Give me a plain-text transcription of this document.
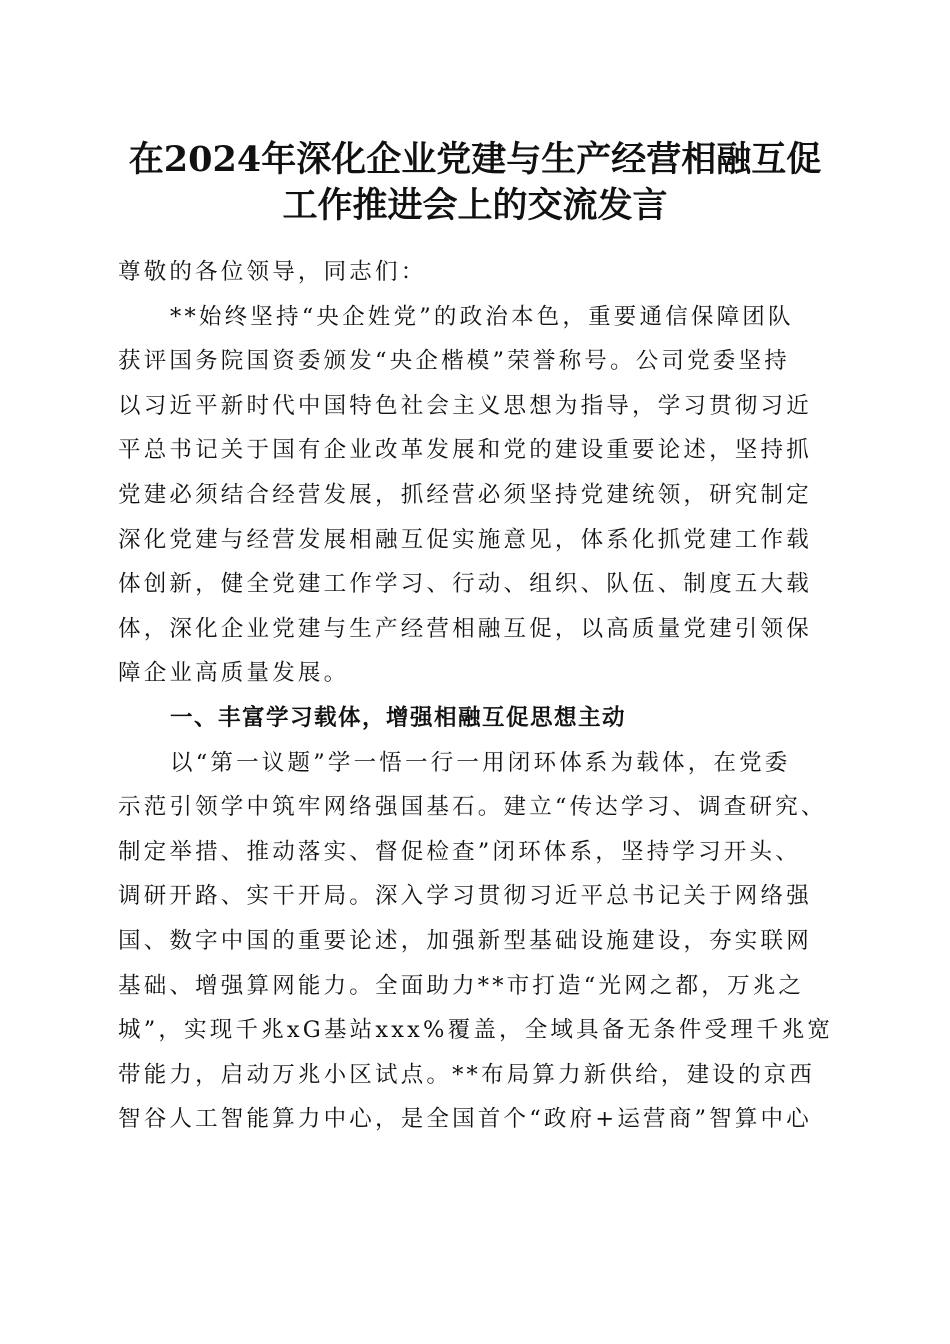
在2024年深化企业党建与生产经营相融互促
工作推进会上的交流发言
尊敬的各位领导，同志们：
**始终坚持“央企姓党”的政治本色，重要通信保障团队
获评国务院国资委颁发“央企楷模”荣誉称号。公司党委坚持
以习近平新时代中国特色社会主义思想为指导，学习贯彻习近
平总书记关于国有企业改革发展和党的建设重要论述，坚持抓
党建必须结合经营发展，抓经营必须坚持党建统领，研究制定
深化党建与经营发展相融互促实施意见，体系化抓党建工作载
体创新，健全党建工作学习、行动、组织、队伍、制度五大载
体，深化企业党建与生产经营相融互促，以高质量党建引领保
障企业高质量发展。
一、丰富学习载体，增强相融互促思想主动
以“第一议题”学一悟一行一用闭环体系为载体，在党委
示范引领学中筑牢网络强国基石。建立“传达学习、调查研究、
制定举措、推动落实、督促检查”闭环体系，坚持学习开头、
调研开路、实干开局。深入学习贯彻习近平总书记关于网络强
国、数字中国的重要论述，加强新型基础设施建设，夯实联网
基础、增强算网能力。全面助力**市打造“光网之都，万兆之
城”，实现千兆xG基站xxx%覆盖，全域具备无条件受理千兆宽
带能力，启动万兆小区试点。**布局算力新供给，建设的京西
智谷人工智能算力中心，是全国首个“政府+运营商”智算中心
